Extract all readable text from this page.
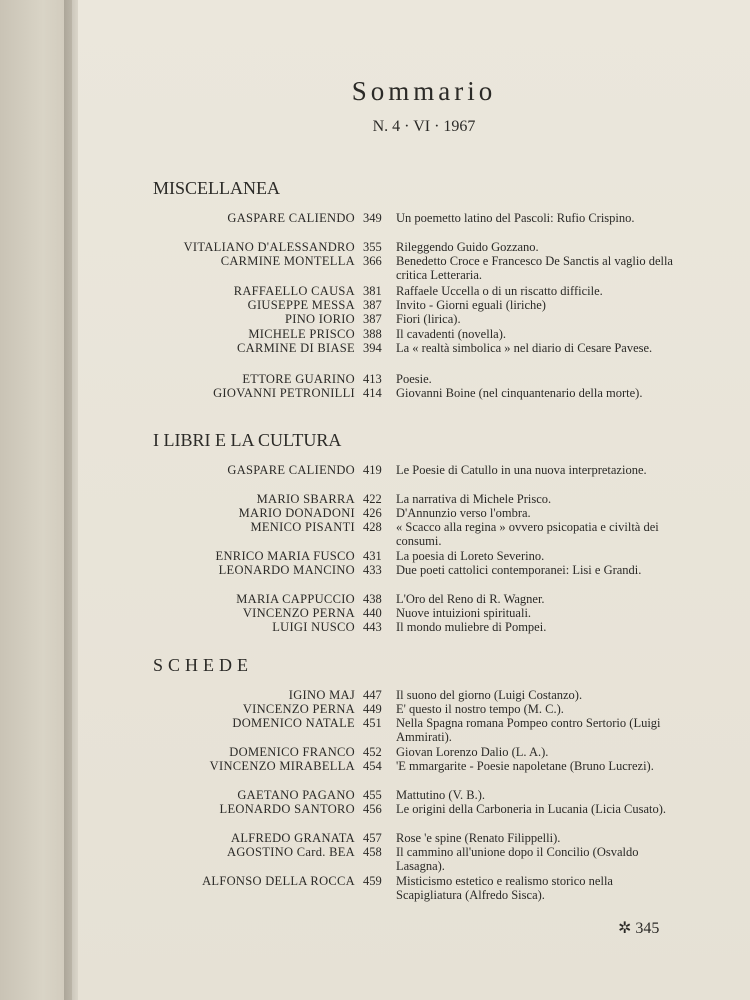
Sommario
N. 4 · VI · 1967
MISCELLANEA
GASPARE CALIENDO 349	Un poemetto latino del Pascoli: Rufio Crispino.
VITALIANO D'ALESSANDRO 355	Rileggendo Guido Gozzano.
CARMINE MONTELLA 366	Benedetto Croce e Francesco De Sanctis al vaglio della critica Letteraria.
RAFFAELLO CAUSA 381	Raffaele Uccella o di un riscatto difficile.
GIUSEPPE MESSA 387	Invito - Giorni eguali (liriche)
PINO IORIO 387	Fiori (lirica).
MICHELE PRISCO 388	Il cavadenti (novella).
CARMINE DI BIASE 394	La « realtà simbolica » nel diario di Cesare Pavese.
ETTORE GUARINO 413	Poesie.
GIOVANNI PETRONILLI 414	Giovanni Boine (nel cinquantenario della morte).
I LIBRI E LA CULTURA
GASPARE CALIENDO 419	Le Poesie di Catullo in una nuova interpretazione.
MARIO SBARRA 422	La narrativa di Michele Prisco.
MARIO DONADONI 426	D'Annunzio verso l'ombra.
MENICO PISANTI 428	« Scacco alla regina » ovvero psicopatia e civiltà dei consumi.
ENRICO MARIA FUSCO 431	La poesia di Loreto Severino.
LEONARDO MANCINO 433	Due poeti cattolici contemporanei: Lisi e Grandi.
MARIA CAPPUCCIO 438	L'Oro del Reno di R. Wagner.
VINCENZO PERNA 440	Nuove intuizioni spirituali.
LUIGI NUSCO 443	Il mondo muliebre di Pompei.
SCHEDE
IGINO MAJ 447	Il suono del giorno (Luigi Costanzo).
VINCENZO PERNA 449	E' questo il nostro tempo (M. C.).
DOMENICO NATALE 451	Nella Spagna romana Pompeo contro Sertorio (Luigi Ammirati).
DOMENICO FRANCO 452	Giovan Lorenzo Dalio (L. A.).
VINCENZO MIRABELLA 454	'E mmargarite - Poesie napoletane (Bruno Lucrezi).
GAETANO PAGANO 455	Mattutino (V. B.).
LEONARDO SANTORO 456	Le origini della Carboneria in Lucania (Licia Cusato).
ALFREDO GRANATA 457	Rose 'e spine (Renato Filippelli).
AGOSTINO Card. BEA 458	Il cammino all'unione dopo il Concilio (Osvaldo Lasagna).
ALFONSO DELLA ROCCA 459	Misticismo estetico e realismo storico nella Scapigliatura (Alfredo Sisca).
✲ 345
